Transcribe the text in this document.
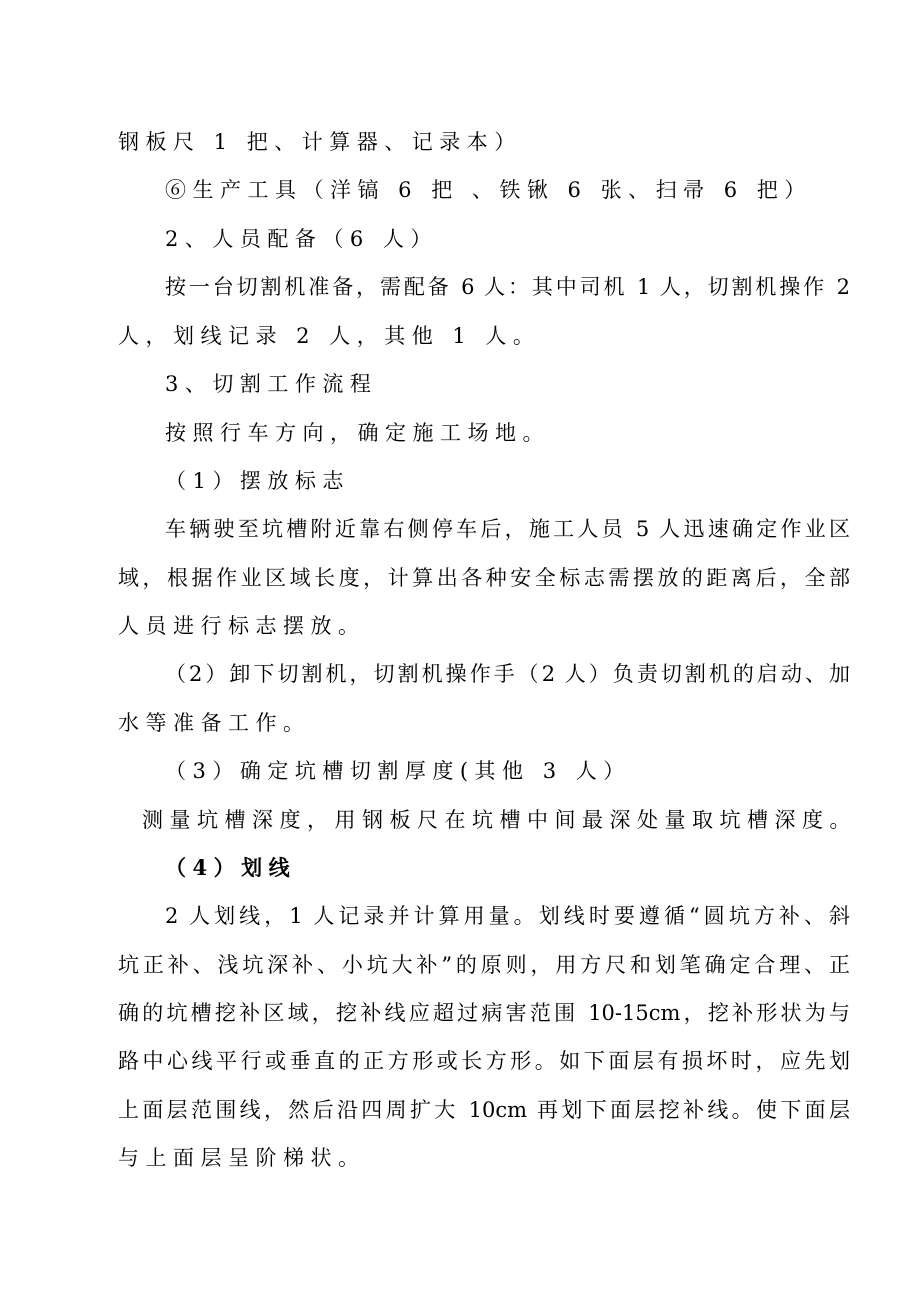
钢板尺 1 把、计算器、记录本）
⑥生产工具（洋镐 6 把 、铁锹 6 张、扫帚 6 把）
2、人员配备（6 人）
按一台切割机准备，需配备 6 人：其中司机 1 人，切割机操作 2
人，划线记录 2 人，其他 1 人。
3、切割工作流程
按照行车方向，确定施工场地。
（1）摆放标志
车辆驶至坑槽附近靠右侧停车后，施工人员 5 人迅速确定作业区
域，根据作业区域长度，计算出各种安全标志需摆放的距离后，全部
人员进行标志摆放。
（2）卸下切割机，切割机操作手（2 人）负责切割机的启动、加
水等准备工作。
（3）确定坑槽切割厚度(其他 3 人）
测量坑槽深度，用钢板尺在坑槽中间最深处量取坑槽深度。
（4）划线
2 人划线，1 人记录并计算用量。划线时要遵循“圆坑方补、斜
坑正补、浅坑深补、小坑大补”的原则，用方尺和划笔确定合理、正
确的坑槽挖补区域，挖补线应超过病害范围 10-15cm，挖补形状为与
路中心线平行或垂直的正方形或长方形。如下面层有损坏时，应先划
上面层范围线，然后沿四周扩大 10cm 再划下面层挖补线。使下面层
与上面层呈阶梯状。
